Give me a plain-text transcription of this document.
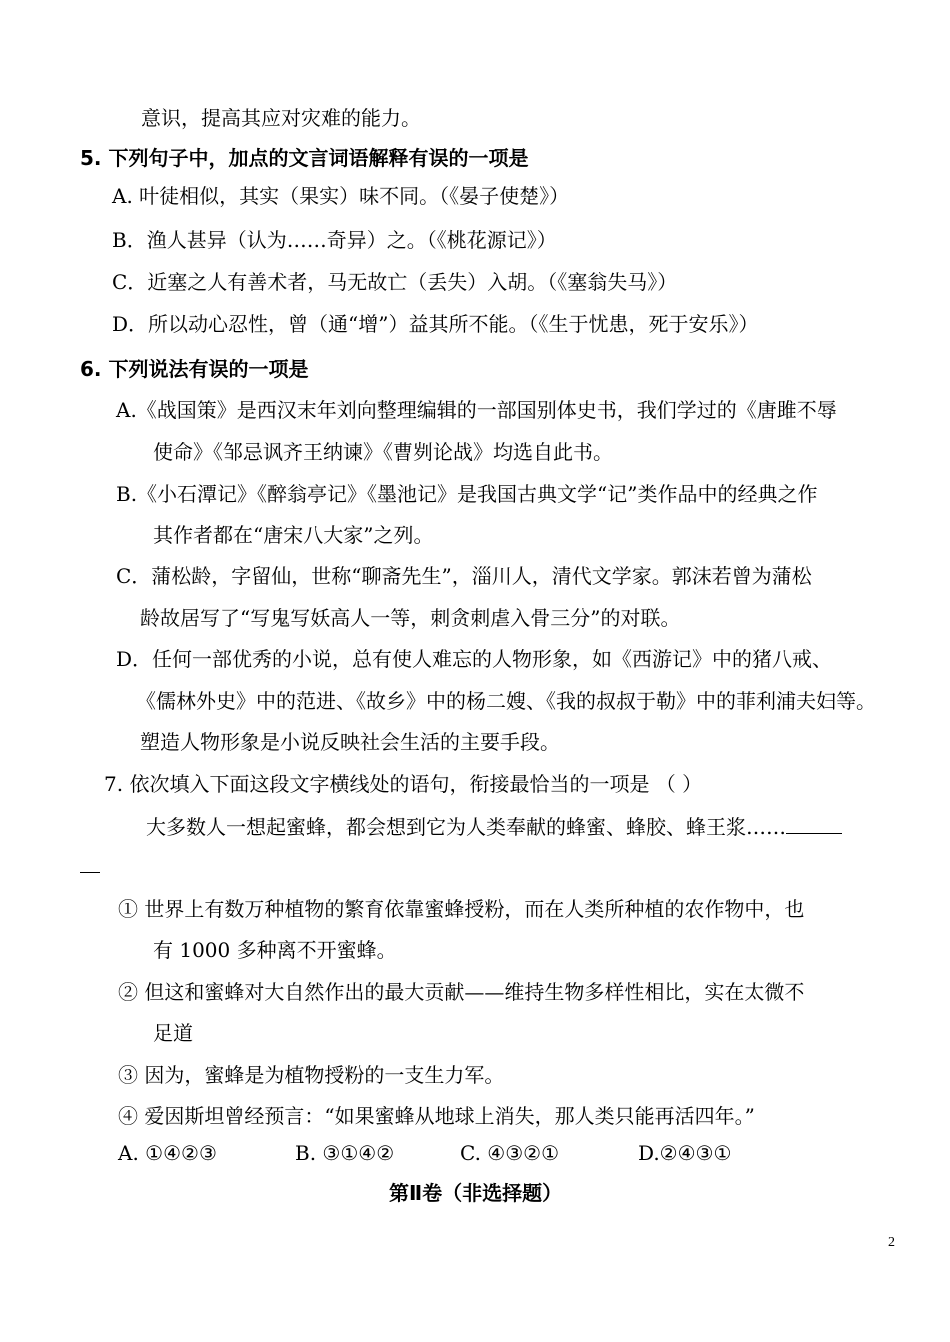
意识，提高其应对灾难的能力。
5. 下列句子中，加点的文言词语解释有误的一项是
A. 叶徒相似，其实（果实）味不同。（《晏子使楚》）
B．渔人甚异（认为……奇异）之。（《桃花源记》）
C．近塞之人有善术者，马无故亡（丢失）入胡。（《塞翁失马》）
D．所以动心忍性，曾（通“增”）益其所不能。（《生于忧患，死于安乐》）
6. 下列说法有误的一项是
A.《战国策》是西汉末年刘向整理编辑的一部国别体史书，我们学过的《唐雎不辱
使命》《邹忌讽齐王纳谏》《曹刿论战》均选自此书。
B.《小石潭记》《醉翁亭记》《墨池记》是我国古典文学“记”类作品中的经典之作
其作者都在“唐宋八大家”之列。
C．蒲松龄，字留仙，世称“聊斋先生”，淄川人，清代文学家。郭沫若曾为蒲松
龄故居写了“写鬼写妖高人一等，刺贪刺虐入骨三分”的对联。
D．任何一部优秀的小说，总有使人难忘的人物形象，如《西游记》中的猪八戒、
《儒林外史》中的范进、《故乡》中的杨二嫂、《我的叔叔于勒》中的菲利浦夫妇等。
塑造人物形象是小说反映社会生活的主要手段。
7. 依次填入下面这段文字横线处的语句，衔接最恰当的一项是 （ ）
大多数人一想起蜜蜂，都会想到它为人类奉献的蜂蜜、蜂胶、蜂王浆……
① 世界上有数万种植物的繁育依靠蜜蜂授粉，而在人类所种植的农作物中，也
有 1000 多种离不开蜜蜂。
② 但这和蜜蜂对大自然作出的最大贡献——维持生物多样性相比，实在太微不
足道
③ 因为，蜜蜂是为植物授粉的一支生力军。
④ 爱因斯坦曾经预言：“如果蜜蜂从地球上消失，那人类只能再活四年。”
A. ①④②③	B. ③①④②	C. ④③②①	D.②④③①
第Ⅱ卷（非选择题）
2
